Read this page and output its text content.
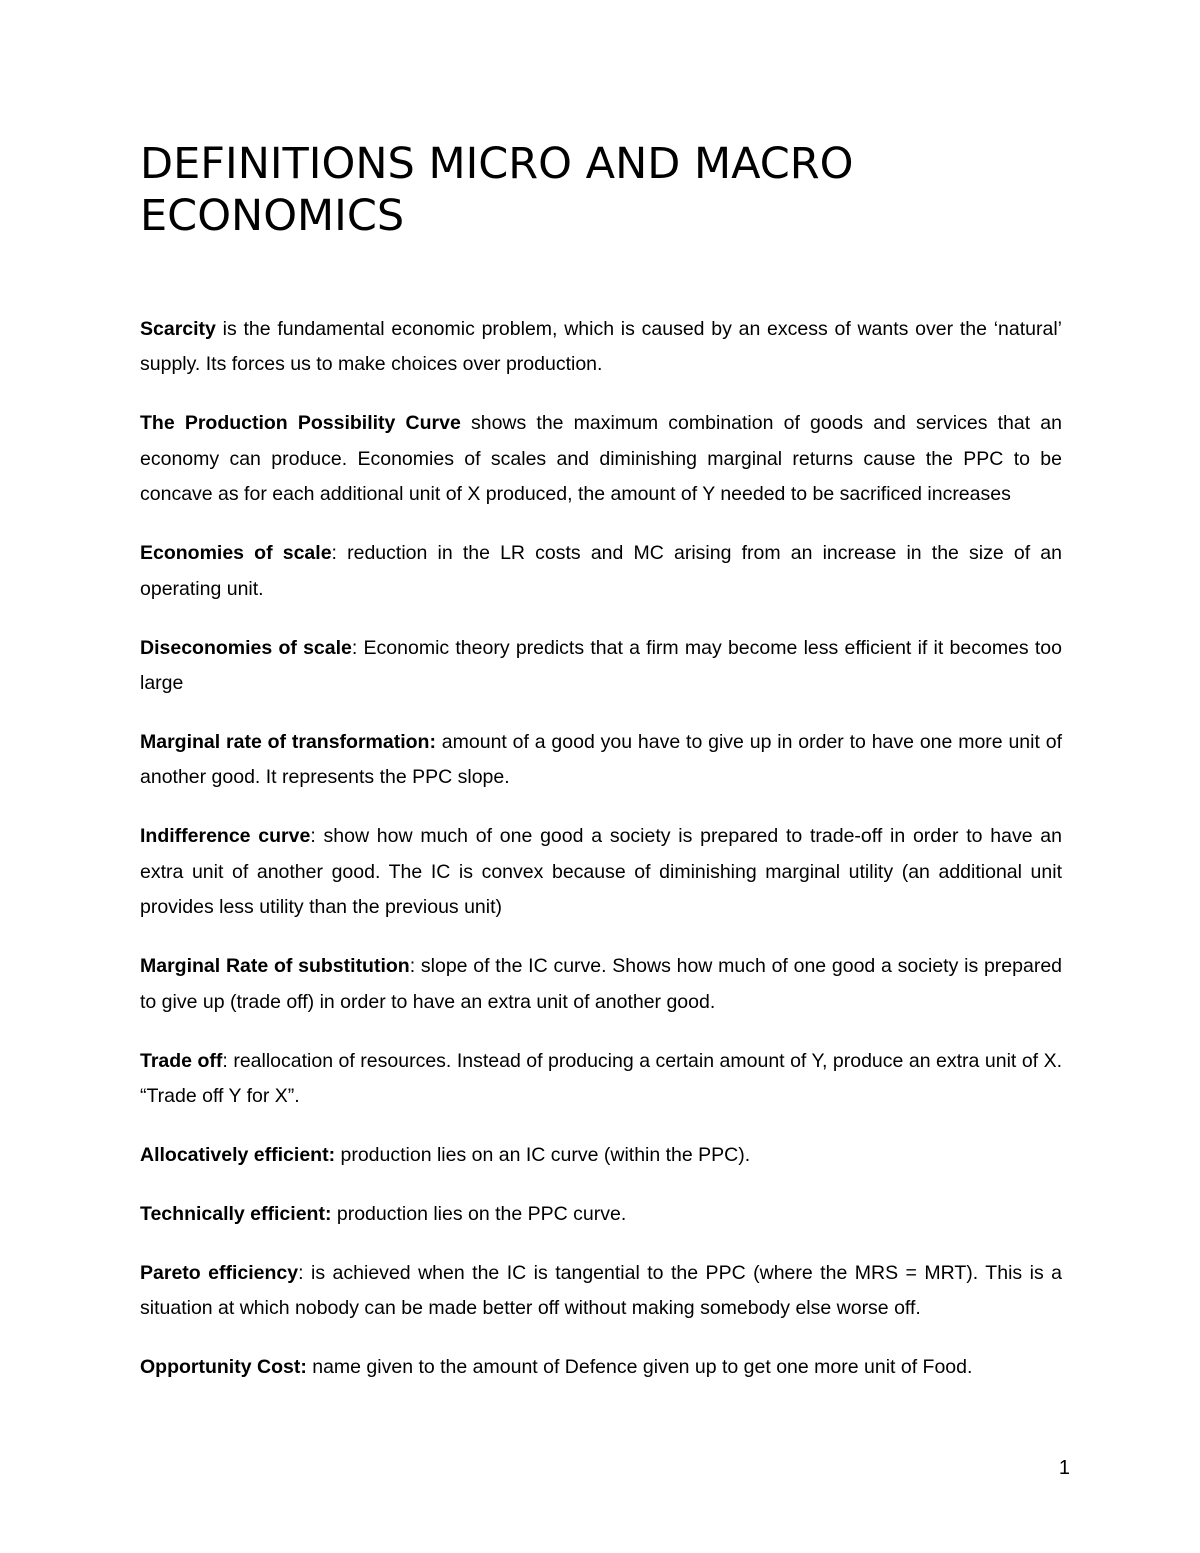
DEFINITIONS MICRO AND MACRO ECONOMICS

Scarcity is the fundamental economic problem, which is caused by an excess of wants over the ‘natural’ supply. Its forces us to make choices over production.

The Production Possibility Curve shows the maximum combination of goods and services that an economy can produce. Economies of scales and diminishing marginal returns cause the PPC to be concave as for each additional unit of X produced, the amount of Y needed to be sacrificed increases

Economies of scale: reduction in the LR costs and MC arising from an increase in the size of an operating unit.

Diseconomies of scale: Economic theory predicts that a firm may become less efficient if it becomes too large

Marginal rate of transformation: amount of a good you have to give up in order to have one more unit of another good. It represents the PPC slope.

Indifference curve: show how much of one good a society is prepared to trade-off in order to have an extra unit of another good. The IC is convex because of diminishing marginal utility (an additional unit provides less utility than the previous unit)

Marginal Rate of substitution: slope of the IC curve. Shows how much of one good a society is prepared to give up (trade off) in order to have an extra unit of another good.

Trade off: reallocation of resources. Instead of producing a certain amount of Y, produce an extra unit of X. “Trade off Y for X”.

Allocatively efficient: production lies on an IC curve (within the PPC).

Technically efficient: production lies on the PPC curve.

Pareto efficiency: is achieved when the IC is tangential to the PPC (where the MRS = MRT). This is a situation at which nobody can be made better off without making somebody else worse off.

Opportunity Cost: name given to the amount of Defence given up to get one more unit of Food.

1
